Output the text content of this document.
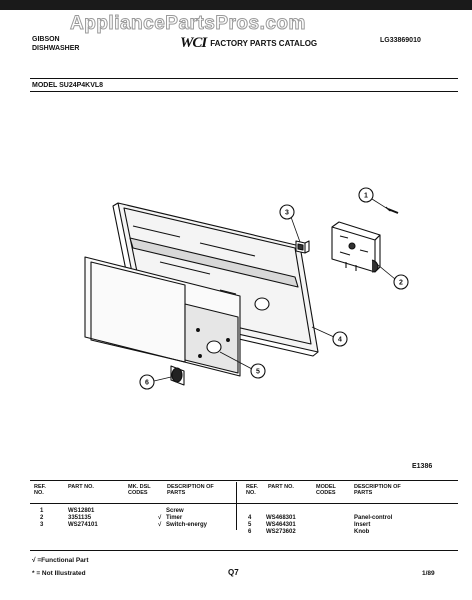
AppliancePartsPros.com
GIBSON
DISHWASHER	WCI FACTORY PARTS CATALOG	LG33869010
MODEL SU24P4KVL8
1
2
3
4
5
6
E1386
REF. NO.
PART NO.	MK. DSL CODES
DESCRIPTION OF PARTS
REF. NO.
PART NO.	MODEL CODES
DESCRIPTION OF PARTS
1	WS12801	Screw
2	3351135	√ Timer
3	WS274101	√ Switch-energy
4 WS468301	Panel-control
5 WS464301	Insert
6 WS273602	Knob
√ =Functional Part
* = Not Illustrated	Q7	1/89
